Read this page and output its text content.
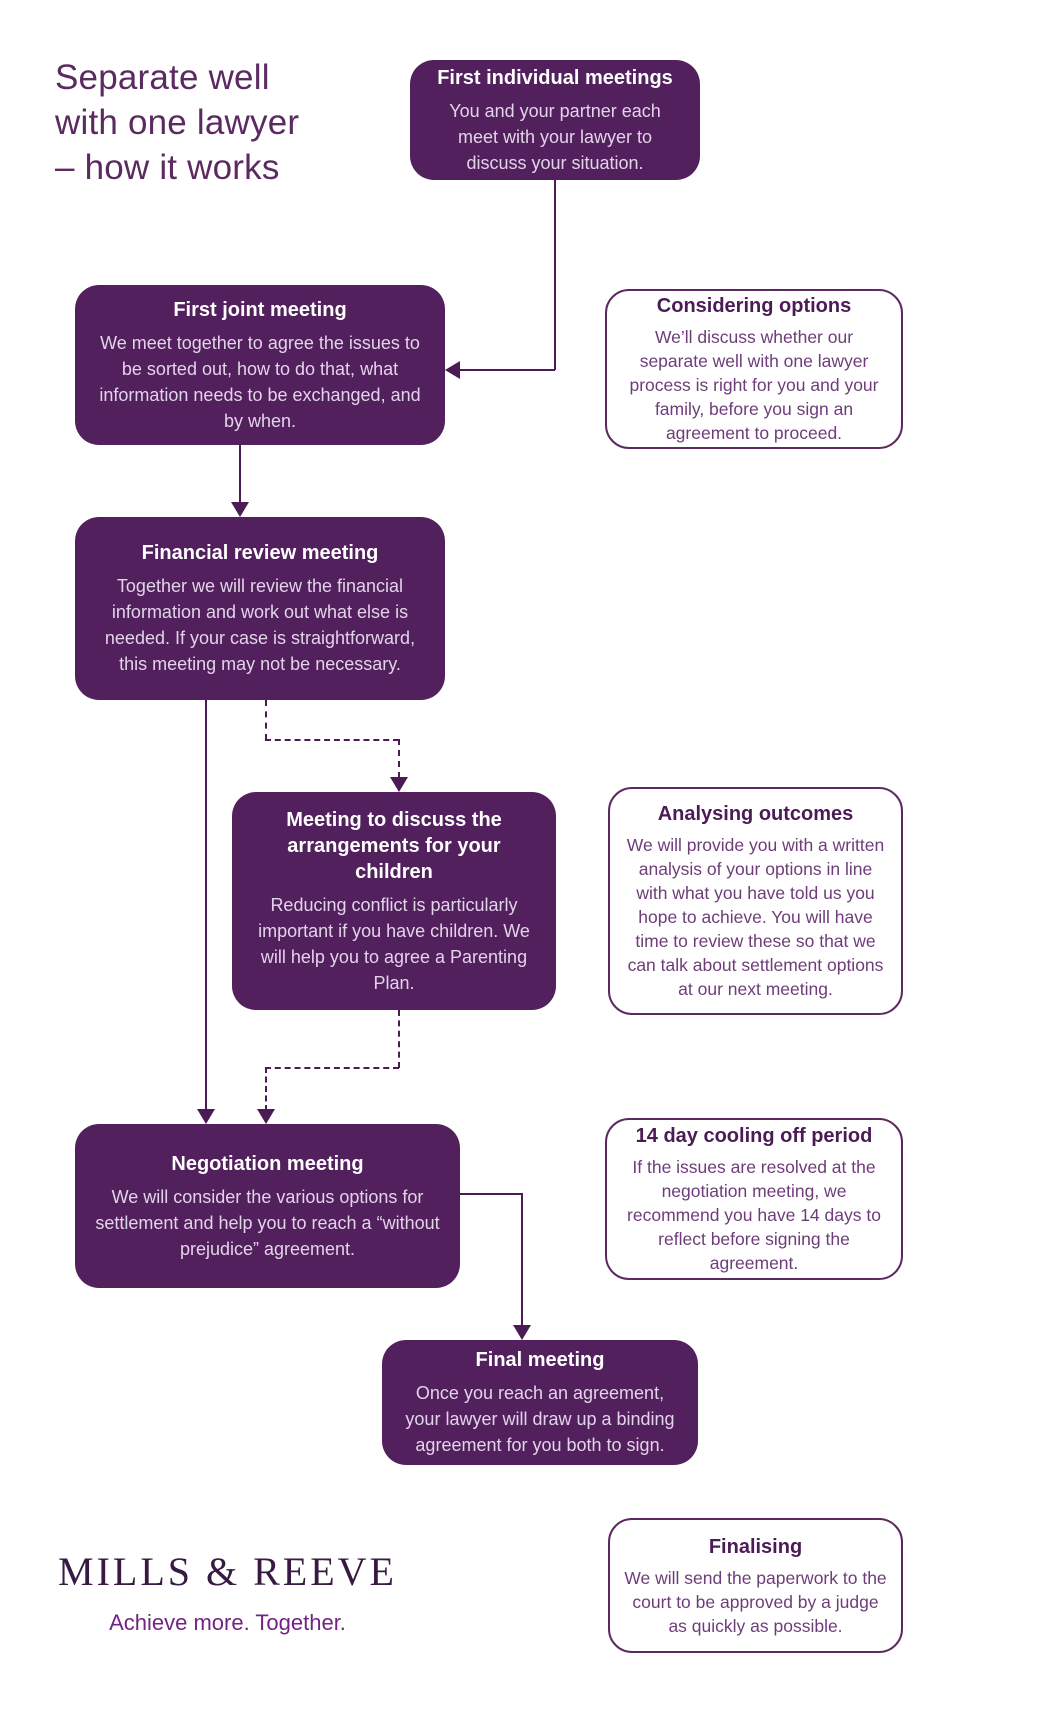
Separate well
with one lawyer
– how it works
First individual meetings
You and your partner each meet with your lawyer to discuss your situation.
First joint meeting
We meet together to agree the issues to be sorted out, how to do that, what information needs to be exchanged, and by when.
Financial review meeting
Together we will review the financial information and work out what else is needed. If your case is straightforward, this meeting may not be necessary.
Meeting to discuss the arrangements for your children
Reducing conflict is particularly important if you have children. We will help you to agree a Parenting Plan.
Negotiation meeting
We will consider the various options for settlement and help you to reach a “without prejudice” agreement.
Final meeting
Once you reach an agreement, your lawyer will draw up a binding agreement for you both to sign.
Considering options
We’ll discuss whether our separate well with one lawyer process is right for you and your family, before you sign an agreement to proceed.
Analysing outcomes
We will provide you with a written analysis of your options in line with what you have told us you hope to achieve. You will have time to review these so that we can talk about settlement options at our next meeting.
14 day cooling off period
If the issues are resolved at the negotiation meeting, we recommend you have 14 days to reflect before signing the agreement.
Finalising
We will send the paperwork to the court to be approved by a judge as quickly as possible.
MILLS & REEVE
Achieve more. Together.
